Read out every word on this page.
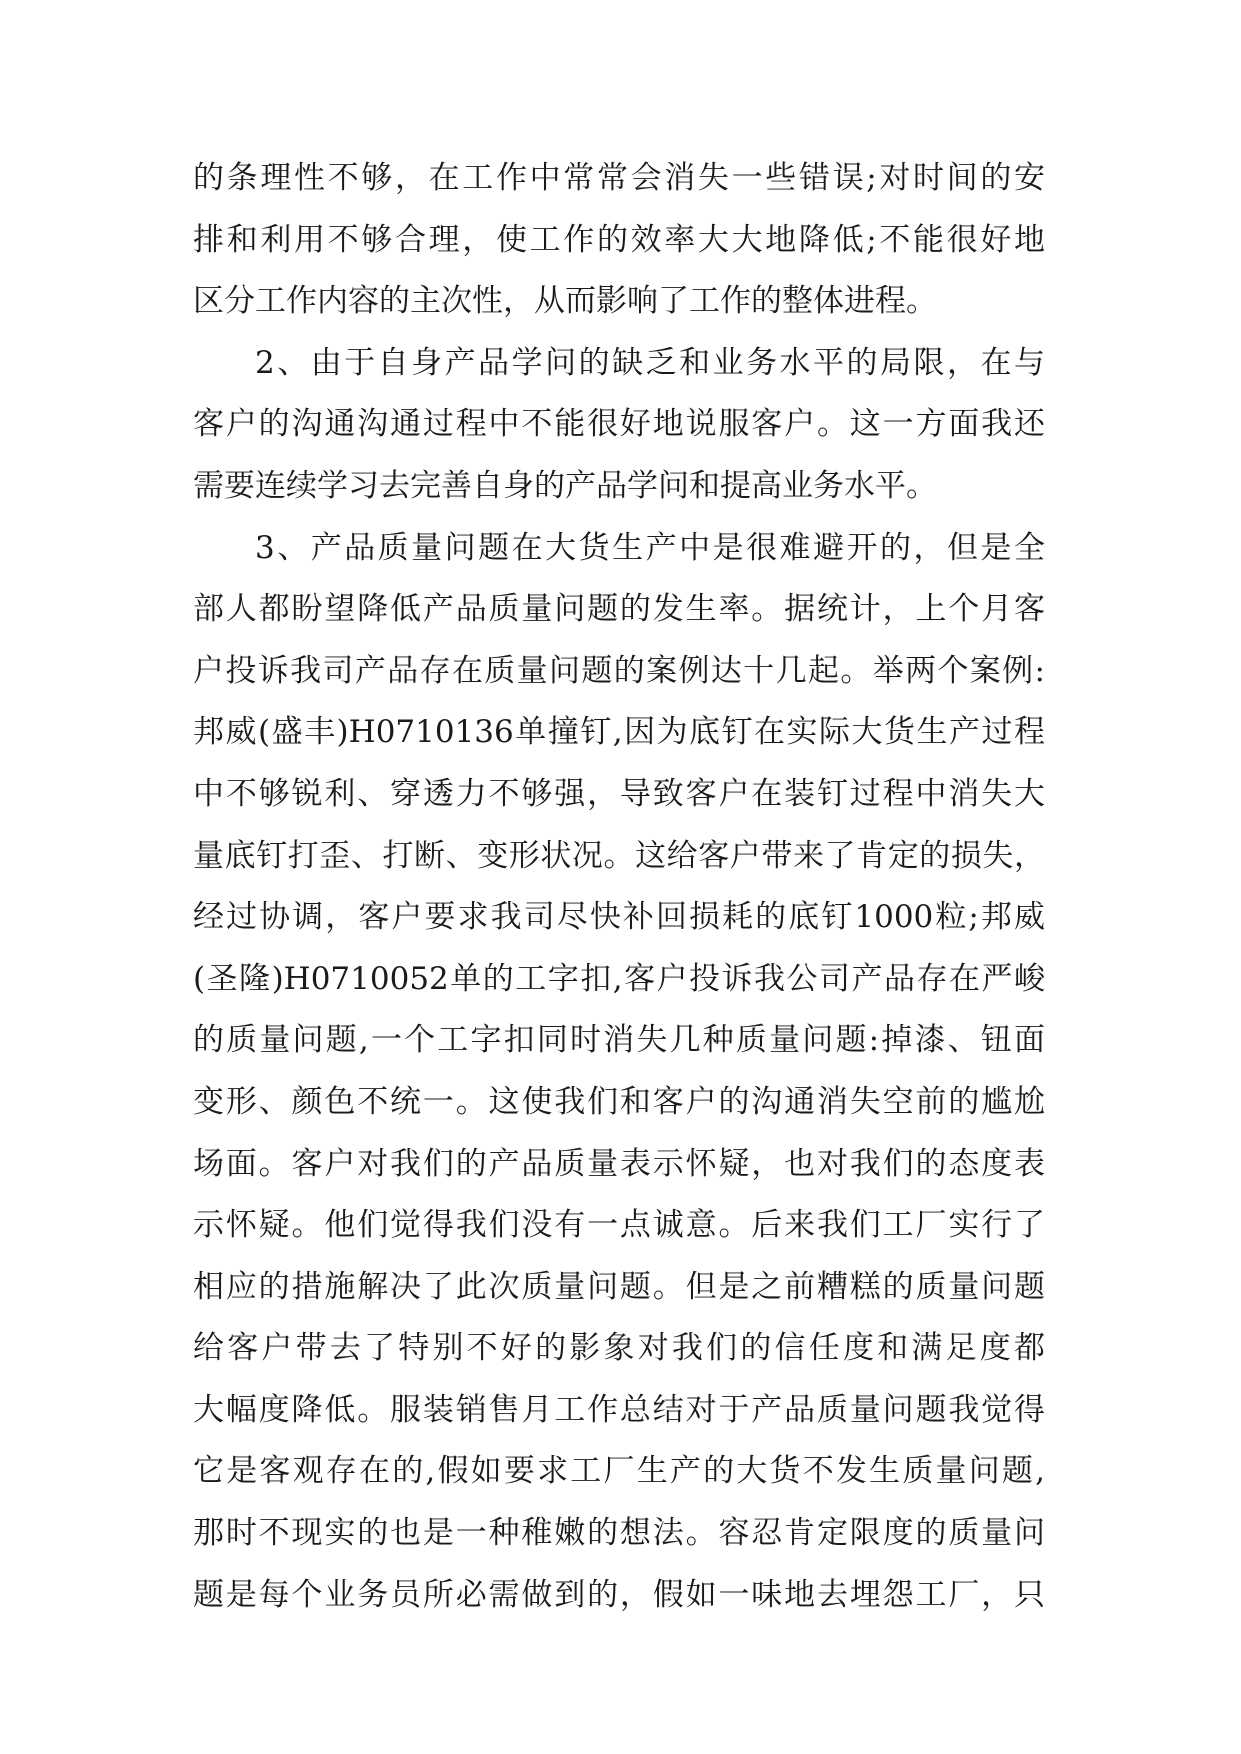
的条理性不够，在工作中常常会消失一些错误;对时间的安
排和利用不够合理，使工作的效率大大地降低;不能很好地
区分工作内容的主次性，从而影响了工作的整体进程。
2、由于自身产品学问的缺乏和业务水平的局限，在与
客户的沟通沟通过程中不能很好地说服客户。这一方面我还
需要连续学习去完善自身的产品学问和提高业务水平。
3、产品质量问题在大货生产中是很难避开的，但是全
部人都盼望降低产品质量问题的发生率。据统计，上个月客
户投诉我司产品存在质量问题的案例达十几起。举两个案例:
邦威(盛丰)H0710136单撞钉,因为底钉在实际大货生产过程
中不够锐利、穿透力不够强，导致客户在装钉过程中消失大
量底钉打歪、打断、变形状况。这给客户带来了肯定的损失，
经过协调，客户要求我司尽快补回损耗的底钉1000粒;邦威
(圣隆)H0710052单的工字扣,客户投诉我公司产品存在严峻
的质量问题,一个工字扣同时消失几种质量问题:掉漆、钮面
变形、颜色不统一。这使我们和客户的沟通消失空前的尴尬
场面。客户对我们的产品质量表示怀疑，也对我们的态度表
示怀疑。他们觉得我们没有一点诚意。后来我们工厂实行了
相应的措施解决了此次质量问题。但是之前糟糕的质量问题
给客户带去了特别不好的影象对我们的信任度和满足度都
大幅度降低。服装销售月工作总结对于产品质量问题我觉得
它是客观存在的,假如要求工厂生产的大货不发生质量问题,
那时不现实的也是一种稚嫩的想法。容忍肯定限度的质量问
题是每个业务员所必需做到的，假如一味地去埋怨工厂，只
